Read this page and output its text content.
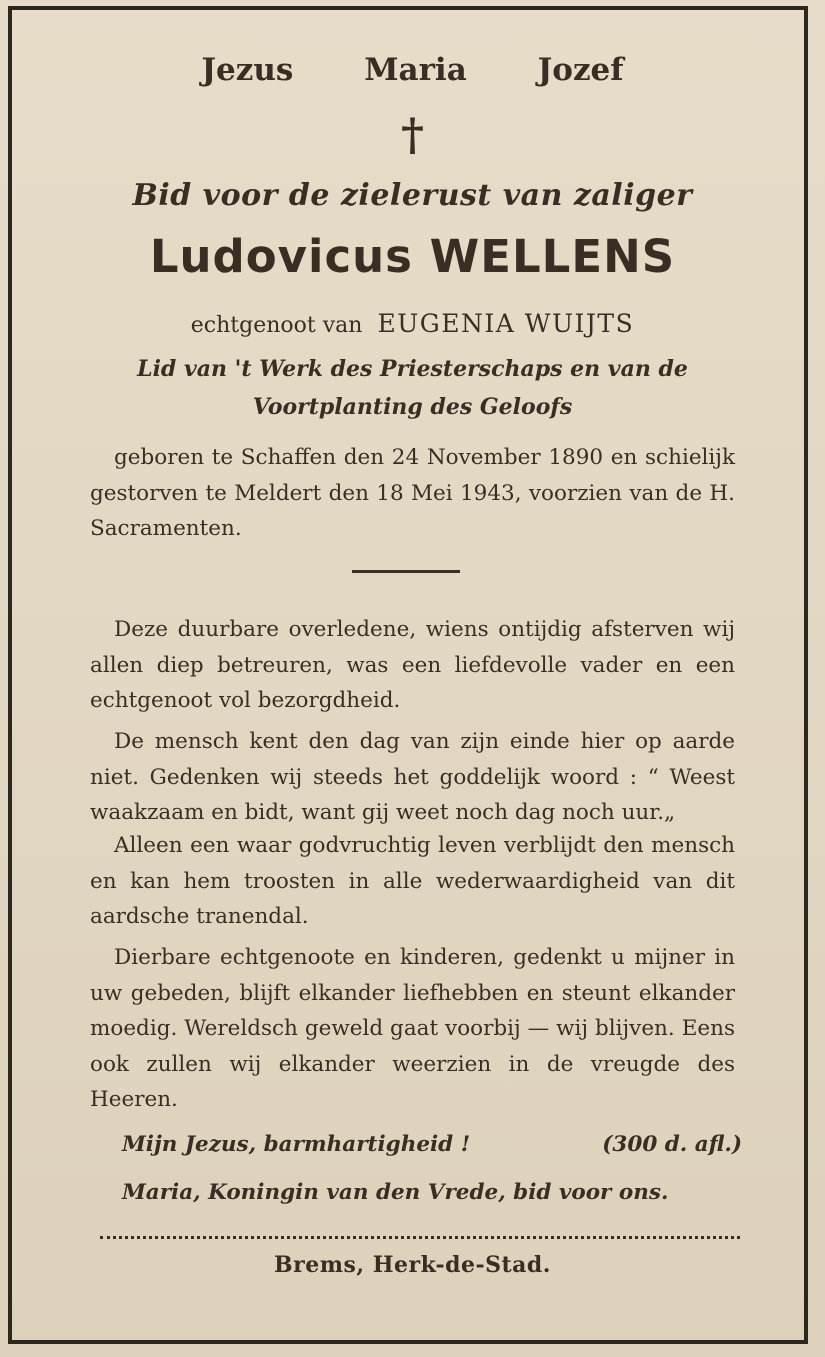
Jezus Maria Jozef
†
Bid voor de zielerust van zaliger
Ludovicus WELLENS
echtgenoot van EUGENIA WUIJTS
Lid van 't Werk des Priesterschaps en van de
Voortplanting des Geloofs

geboren te Schaffen den 24 November 1890 en schielijk gestorven te Meldert den 18 Mei 1943, voorzien van de H. Sacramenten.

Deze duurbare overledene, wiens ontijdig afsterven wij allen diep betreuren, was een liefdevolle vader en een echtgenoot vol bezorgdheid.

De mensch kent den dag van zijn einde hier op aarde niet. Gedenken wij steeds het goddelijk woord : “ Weest waakzaam en bidt, want gij weet noch dag noch uur.„

Alleen een waar godvruchtig leven verblijdt den mensch en kan hem troosten in alle wederwaardigheid van dit aardsche tranendal.

Dierbare echtgenoote en kinderen, gedenkt u mijner in uw gebeden, blijft elkander liefhebben en steunt elkander moedig. Wereldsch geweld gaat voorbij — wij blijven. Eens ook zullen wij elkander weerzien in de vreugde des Heeren.

Mijn Jezus, barmhartigheid !	(300 d. afl.)
Maria, Koningin van den Vrede, bid voor ons.
Brems, Herk-de-Stad.
